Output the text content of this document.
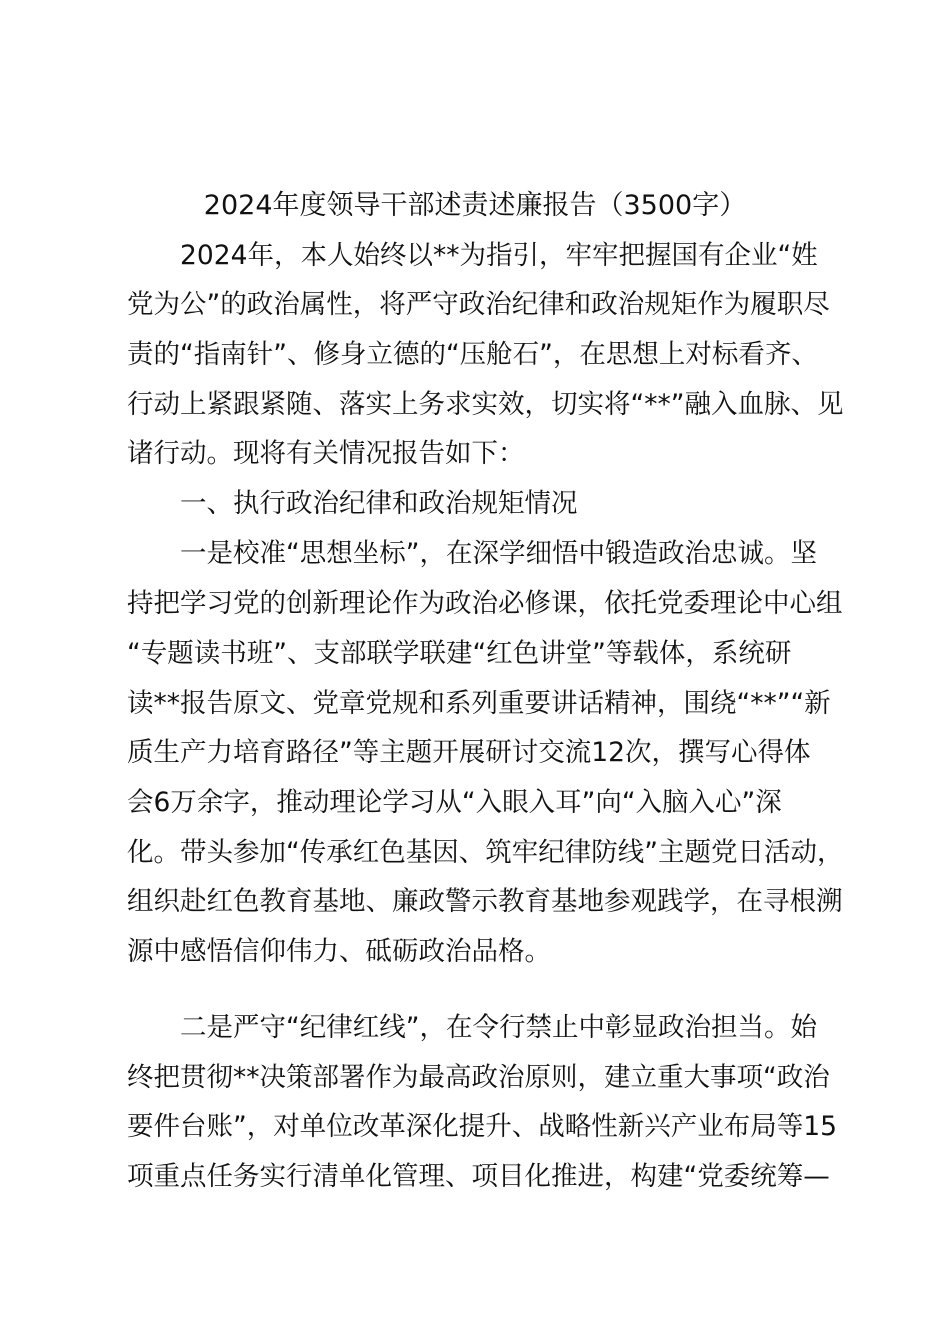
2024年度领导干部述责述廉报告（3500字）
2024年，本人始终以**为指引，牢牢把握国有企业“姓
党为公”的政治属性，将严守政治纪律和政治规矩作为履职尽
责的“指南针”、修身立德的“压舱石”，在思想上对标看齐、
行动上紧跟紧随、落实上务求实效，切实将“**”融入血脉、见
诸行动。现将有关情况报告如下：
一、执行政治纪律和政治规矩情况
一是校准“思想坐标”，在深学细悟中锻造政治忠诚。坚
持把学习党的创新理论作为政治必修课，依托党委理论中心组
“专题读书班”、支部联学联建“红色讲堂”等载体，系统研
读**报告原文、党章党规和系列重要讲话精神，围绕“**”“新
质生产力培育路径”等主题开展研讨交流12次，撰写心得体
会6万余字，推动理论学习从“入眼入耳”向“入脑入心”深
化。带头参加“传承红色基因、筑牢纪律防线”主题党日活动，
组织赴红色教育基地、廉政警示教育基地参观践学，在寻根溯
源中感悟信仰伟力、砥砺政治品格。
二是严守“纪律红线”，在令行禁止中彰显政治担当。始
终把贯彻**决策部署作为最高政治原则，建立重大事项“政治
要件台账”，对单位改革深化提升、战略性新兴产业布局等15
项重点任务实行清单化管理、项目化推进，构建“党委统筹—
